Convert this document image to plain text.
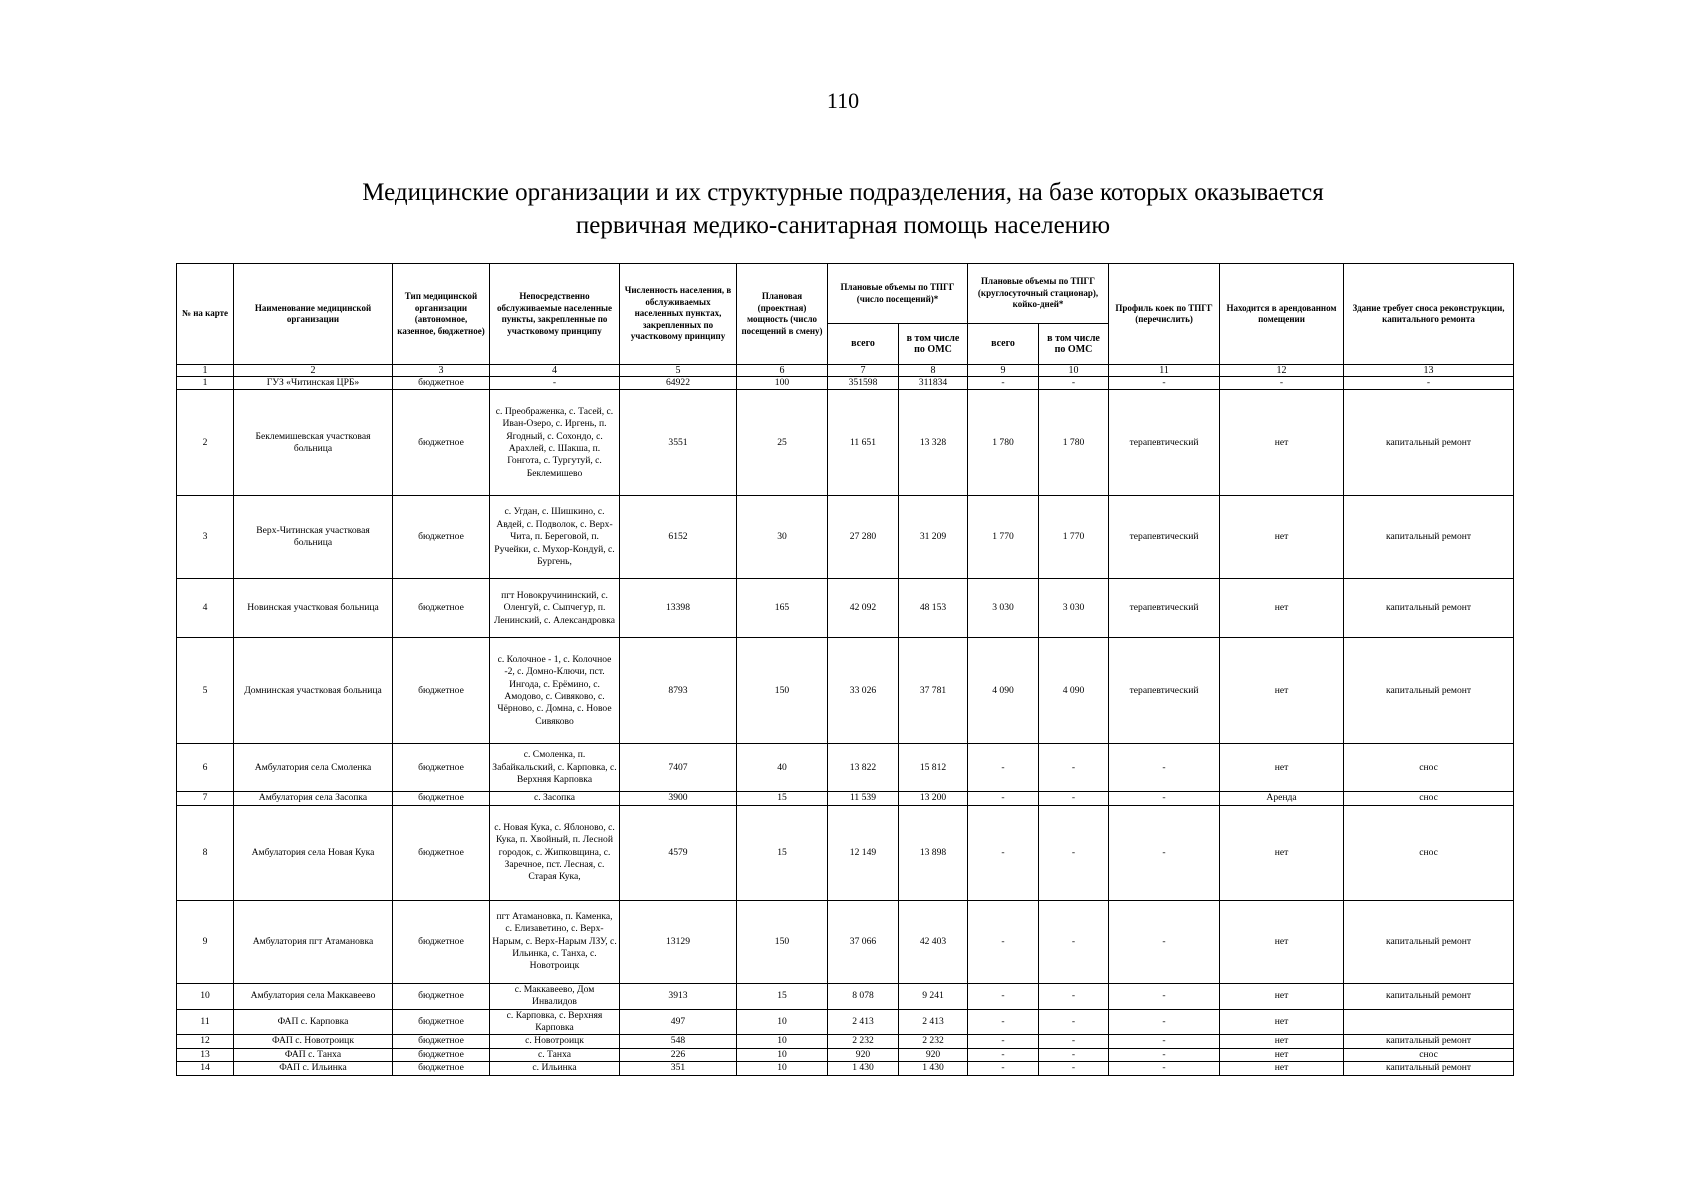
110
Медицинские организации и их структурные подразделения, на базе которых оказывается
первичная медико-санитарная помощь населению
№ на карте	Наименование медицинской организации	Тип медицинской организации (автономное, казенное, бюджетное)	Непосредственно обслуживаемые населенные пункты, закрепленные по участковому принципу	Численность населения, в обслуживаемых населенных пунктах, закрепленных по участковому принципу	Плановая (проектная) мощность (число посещений в смену)	Плановые объемы по ТПГГ (число посещений)*		Плановые объемы по ТПГГ (круглосуточный стационар), койко-дней*		Профиль коек по ТПГГ (перечислить)	Находится в арендованном помещении	Здание требует сноса реконструкции, капитального ремонта
						всего	в том числе по ОМС	всего	в том числе по ОМС			
1	2	3	4	5	6	7	8	9	10	11	12	13
1	ГУЗ «Читинская ЦРБ»	бюджетное	-	64922	100	351598	311834	-	-	-	-	-
2	Беклемишевская участковая больница	бюджетное	с. Преображенка, с. Тасей, с. Иван-Озеро, с. Иргень, п. Ягодный, с. Сохондо, с. Арахлей, с. Шакша, п. Гонгота, с. Тургутуй, с. Беклемишево	3551	25	11 651	13 328	1 780	1 780	терапевтический	нет	капитальный ремонт
3	Верх-Читинская участковая больница	бюджетное	с. Угдан, с. Шишкино, с. Авдей, с. Подволок, с. Верх-Чита, п. Береговой, п. Ручейки, с. Мухор-Кондуй, с. Бургень,	6152	30	27 280	31 209	1 770	1 770	терапевтический	нет	капитальный ремонт
4	Новинская участковая больница	бюджетное	пгт Новокручининский, с. Оленгуй, с. Сыпчегур, п. Ленинский, с. Александровка	13398	165	42 092	48 153	3 030	3 030	терапевтический	нет	капитальный ремонт
5	Домнинская участковая больница	бюджетное	с. Колочное - 1, с. Колочное -2, с. Домно-Ключи, пст. Ингода, с. Ерёмино, с. Амодово, с. Сивяково, с. Чёрново, с. Домна, с. Новое Сивяково	8793	150	33 026	37 781	4 090	4 090	терапевтический	нет	капитальный ремонт
6	Амбулатория села Смоленка	бюджетное	с. Смоленка, п. Забайкальский, с. Карповка, с. Верхняя Карповка	7407	40	13 822	15 812	-	-	-	нет	снос
7	Амбулатория села Засопка	бюджетное	с. Засопка	3900	15	11 539	13 200	-	-	-	Аренда	снос
8	Амбулатория села Новая Кука	бюджетное	с. Новая Кука, с. Яблоново, с. Кука, п. Хвойный, п. Лесной городок, с. Жипковщина, с. Заречное, пст. Лесная, с. Старая Кука,	4579	15	12 149	13 898	-	-	-	нет	снос
9	Амбулатория пгт Атамановка	бюджетное	пгт Атамановка, п. Каменка, с. Елизаветино, с. Верх-Нарым, с. Верх-Нарым ЛЗУ, с. Ильинка, с. Танха, с. Новотроицк	13129	150	37 066	42 403	-	-	-	нет	капитальный ремонт
10	Амбулатория села Маккавеево	бюджетное	с. Маккавеево, Дом Инвалидов	3913	15	8 078	9 241	-	-	-	нет	капитальный ремонт
11	ФАП с. Карповка	бюджетное	с. Карповка, с. Верхняя Карповка	497	10	2 413	2 413	-	-	-	нет	
12	ФАП с. Новотроицк	бюджетное	с. Новотроицк	548	10	2 232	2 232	-	-	-	нет	капитальный ремонт
13	ФАП с. Танха	бюджетное	с. Танха	226	10	920	920	-	-	-	нет	снос
14	ФАП с. Ильинка	бюджетное	с. Ильинка	351	10	1 430	1 430	-	-	-	нет	капитальный ремонт
